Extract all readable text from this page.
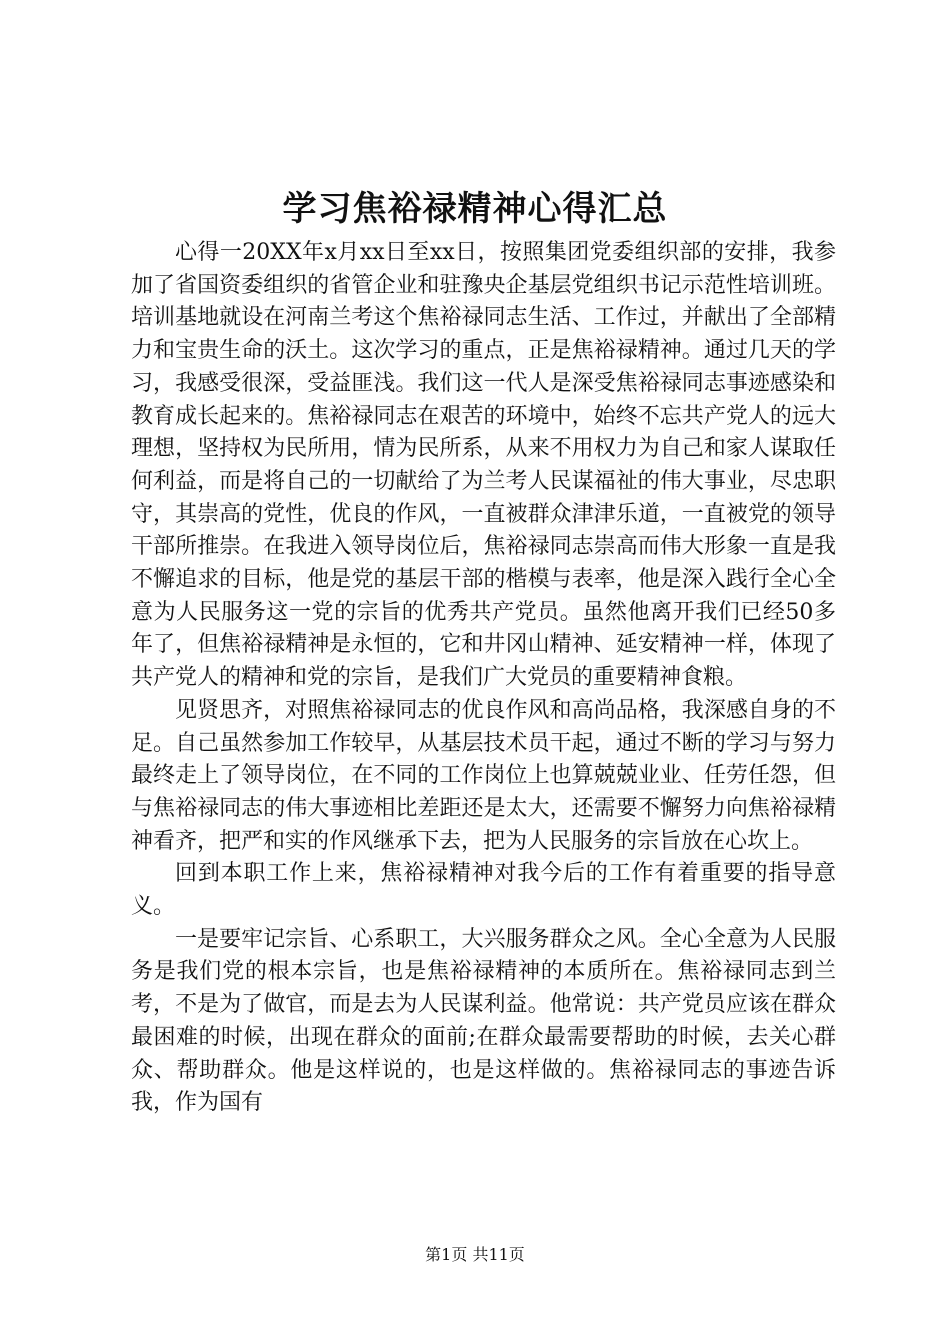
学习焦裕禄精神心得汇总

心得一20XX年x月xx日至xx日，按照集团党委组织部的安排，我参加了省国资委组织的省管企业和驻豫央企基层党组织书记示范性培训班。培训基地就设在河南兰考这个焦裕禄同志生活、工作过，并献出了全部精力和宝贵生命的沃土。这次学习的重点，正是焦裕禄精神。通过几天的学习，我感受很深，受益匪浅。我们这一代人是深受焦裕禄同志事迹感染和教育成长起来的。焦裕禄同志在艰苦的环境中，始终不忘共产党人的远大理想，坚持权为民所用，情为民所系，从来不用权力为自己和家人谋取任何利益，而是将自己的一切献给了为兰考人民谋福祉的伟大事业，尽忠职守，其崇高的党性，优良的作风，一直被群众津津乐道，一直被党的领导干部所推崇。在我进入领导岗位后，焦裕禄同志崇高而伟大形象一直是我不懈追求的目标，他是党的基层干部的楷模与表率，他是深入践行全心全意为人民服务这一党的宗旨的优秀共产党员。虽然他离开我们已经50多年了，但焦裕禄精神是永恒的，它和井冈山精神、延安精神一样，体现了共产党人的精神和党的宗旨，是我们广大党员的重要精神食粮。

见贤思齐，对照焦裕禄同志的优良作风和高尚品格，我深感自身的不足。自己虽然参加工作较早，从基层技术员干起，通过不断的学习与努力最终走上了领导岗位，在不同的工作岗位上也算兢兢业业、任劳任怨，但与焦裕禄同志的伟大事迹相比差距还是太大，还需要不懈努力向焦裕禄精神看齐，把严和实的作风继承下去，把为人民服务的宗旨放在心坎上。

回到本职工作上来，焦裕禄精神对我今后的工作有着重要的指导意义。

一是要牢记宗旨、心系职工，大兴服务群众之风。全心全意为人民服务是我们党的根本宗旨，也是焦裕禄精神的本质所在。焦裕禄同志到兰考，不是为了做官，而是去为人民谋利益。他常说：共产党员应该在群众最困难的时候，出现在群众的面前;在群众最需要帮助的时候，去关心群众、帮助群众。他是这样说的，也是这样做的。焦裕禄同志的事迹告诉我，作为国有

第1页 共11页
